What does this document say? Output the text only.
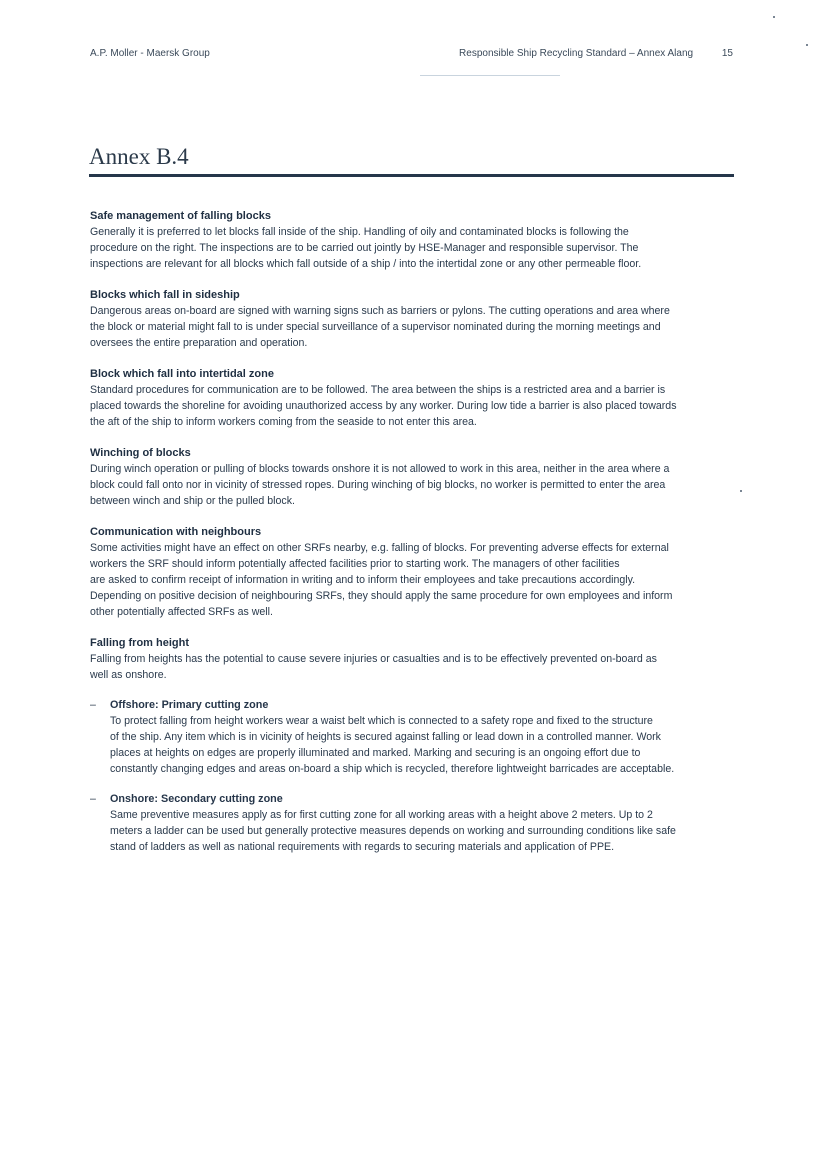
A.P. Moller - Maersk Group	Responsible Ship Recycling Standard – Annex Alang	15
Annex B.4
Safe management of falling blocks

Generally it is preferred to let blocks fall inside of the ship. Handling of oily and contaminated blocks is following the
procedure on the right. The inspections are to be carried out jointly by HSE-Manager and responsible supervisor. The
inspections are relevant for all blocks which fall outside of a ship / into the intertidal zone or any other permeable floor.

Blocks which fall in sideship

Dangerous areas on-board are signed with warning signs such as barriers or pylons. The cutting operations and area where
the block or material might fall to is under special surveillance of a supervisor nominated during the morning meetings and
oversees the entire preparation and operation.

Block which fall into intertidal zone

Standard procedures for communication are to be followed. The area between the ships is a restricted area and a barrier is
placed towards the shoreline for avoiding unauthorized access by any worker. During low tide a barrier is also placed towards
the aft of the ship to inform workers coming from the seaside to not enter this area.

Winching of blocks

During winch operation or pulling of blocks towards onshore it is not allowed to work in this area, neither in the area where a
block could fall onto nor in vicinity of stressed ropes. During winching of big blocks, no worker is permitted to enter the area
between winch and ship or the pulled block.

Communication with neighbours

Some activities might have an effect on other SRFs nearby, e.g. falling of blocks. For preventing adverse effects for external
workers the SRF should inform potentially affected facilities prior to starting work. The managers of other facilities
are asked to confirm receipt of information in writing and to inform their employees and take precautions accordingly.
Depending on positive decision of neighbouring SRFs, they should apply the same procedure for own employees and inform
other potentially affected SRFs as well.

Falling from height

Falling from heights has the potential to cause severe injuries or casualties and is to be effectively prevented on-board as
well as onshore.

– Offshore: Primary cutting zone

To protect falling from height workers wear a waist belt which is connected to a safety rope and fixed to the structure
of the ship. Any item which is in vicinity of heights is secured against falling or lead down in a controlled manner. Work
places at heights on edges are properly illuminated and marked. Marking and securing is an ongoing effort due to
constantly changing edges and areas on-board a ship which is recycled, therefore lightweight barricades are acceptable.

– Onshore: Secondary cutting zone

Same preventive measures apply as for first cutting zone for all working areas with a height above 2 meters. Up to 2
meters a ladder can be used but generally protective measures depends on working and surrounding conditions like safe
stand of ladders as well as national requirements with regards to securing materials and application of PPE.
